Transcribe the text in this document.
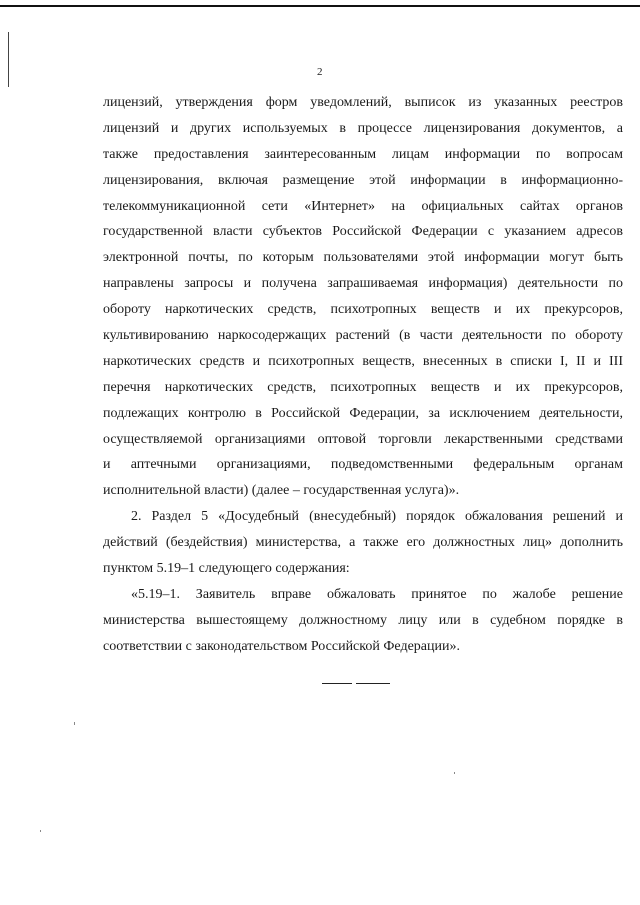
2
лицензий, утверждения форм уведомлений, выписок из указанных реестров
лицензий и других используемых в процессе лицензирования документов, а
также предоставления заинтересованным лицам информации по вопросам
лицензирования, включая размещение этой информации в информационно-
телекоммуникационной сети «Интернет» на официальных сайтах органов
государственной власти субъектов Российской Федерации с указанием адресов
электронной почты, по которым пользователями этой информации могут быть
направлены запросы и получена запрашиваемая информация) деятельности по
обороту наркотических средств, психотропных веществ и их прекурсоров,
культивированию наркосодержащих растений (в части деятельности по обороту
наркотических средств и психотропных веществ, внесенных в списки I, II и III
перечня наркотических средств, психотропных веществ и их прекурсоров,
подлежащих контролю в Российской Федерации, за исключением деятельности,
осуществляемой организациями оптовой торговли лекарственными средствами
и аптечными организациями, подведомственными федеральным органам
исполнительной власти) (далее – государственная услуга)».
2. Раздел 5 «Досудебный (внесудебный) порядок обжалования решений и
действий (бездействия) министерства, а также его должностных лиц» дополнить
пунктом 5.19–1 следующего содержания:
«5.19–1. Заявитель вправе обжаловать принятое по жалобе решение
министерства вышестоящему должностному лицу или в судебном порядке в
соответствии с законодательством Российской Федерации».
